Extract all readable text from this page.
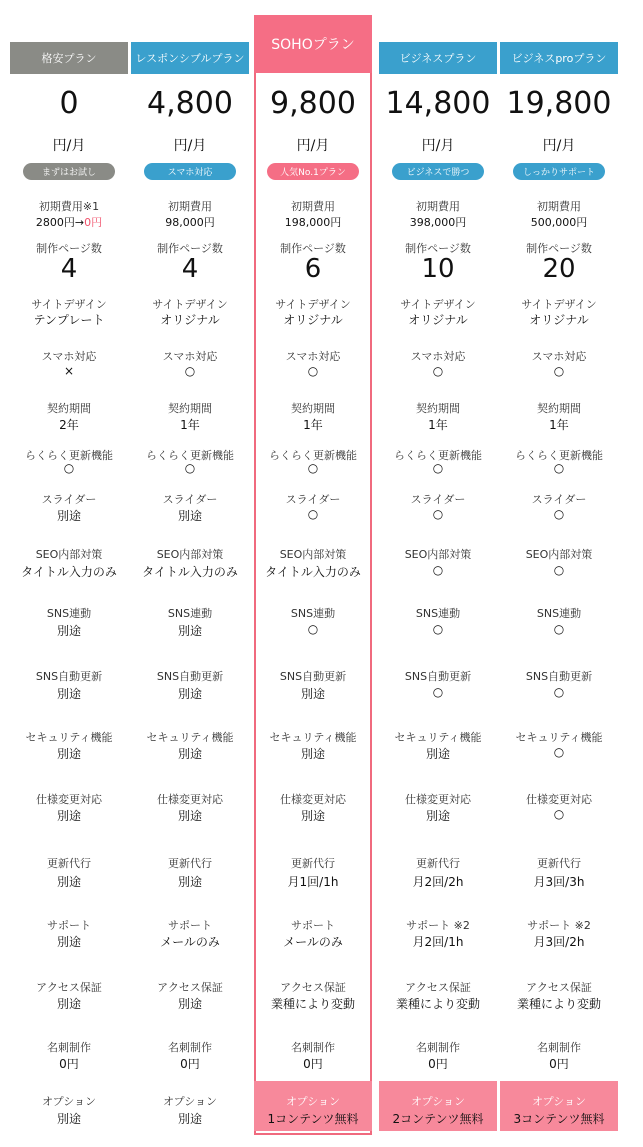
格安プラン
0
円/月
まずはお試し
初期費用※1
2800円→0円
制作ページ数
4
サイトデザイン
テンプレート
スマホ対応
×
契約期間
2年
らくらく更新機能
○
スライダー
別途
SEO内部対策
タイトル入力のみ
SNS連動
別途
SNS自動更新
別途
セキュリティ機能
別途
仕様変更対応
別途
更新代行
別途
サポート
別途
アクセス保証
別途
名刺制作
0円
オプション
別途
レスポンシブルプラン
4,800
円/月
スマホ対応
初期費用
98,000円
制作ページ数
4
サイトデザイン
オリジナル
スマホ対応
○
契約期間
1年
らくらく更新機能
○
スライダー
別途
SEO内部対策
タイトル入力のみ
SNS連動
別途
SNS自動更新
別途
セキュリティ機能
別途
仕様変更対応
別途
更新代行
別途
サポート
メールのみ
アクセス保証
別途
名刺制作
0円
オプション
別途
SOHOプラン
9,800
円/月
人気No.1プラン
初期費用
198,000円
制作ページ数
6
サイトデザイン
オリジナル
スマホ対応
○
契約期間
1年
らくらく更新機能
○
スライダー
○
SEO内部対策
タイトル入力のみ
SNS連動
○
SNS自動更新
別途
セキュリティ機能
別途
仕様変更対応
別途
更新代行
月1回/1h
サポート
メールのみ
アクセス保証
業種により変動
名刺制作
0円
オプション
1コンテンツ無料
ビジネスプラン
14,800
円/月
ビジネスで勝つ
初期費用
398,000円
制作ページ数
10
サイトデザイン
オリジナル
スマホ対応
○
契約期間
1年
らくらく更新機能
○
スライダー
○
SEO内部対策
○
SNS連動
○
SNS自動更新
○
セキュリティ機能
別途
仕様変更対応
別途
更新代行
月2回/2h
サポート ※2
月2回/1h
アクセス保証
業種により変動
名刺制作
0円
オプション
2コンテンツ無料
ビジネスproプラン
19,800
円/月
しっかりサポート
初期費用
500,000円
制作ページ数
20
サイトデザイン
オリジナル
スマホ対応
○
契約期間
1年
らくらく更新機能
○
スライダー
○
SEO内部対策
○
SNS連動
○
SNS自動更新
○
セキュリティ機能
○
仕様変更対応
○
更新代行
月3回/3h
サポート ※2
月3回/2h
アクセス保証
業種により変動
名刺制作
0円
オプション
3コンテンツ無料
